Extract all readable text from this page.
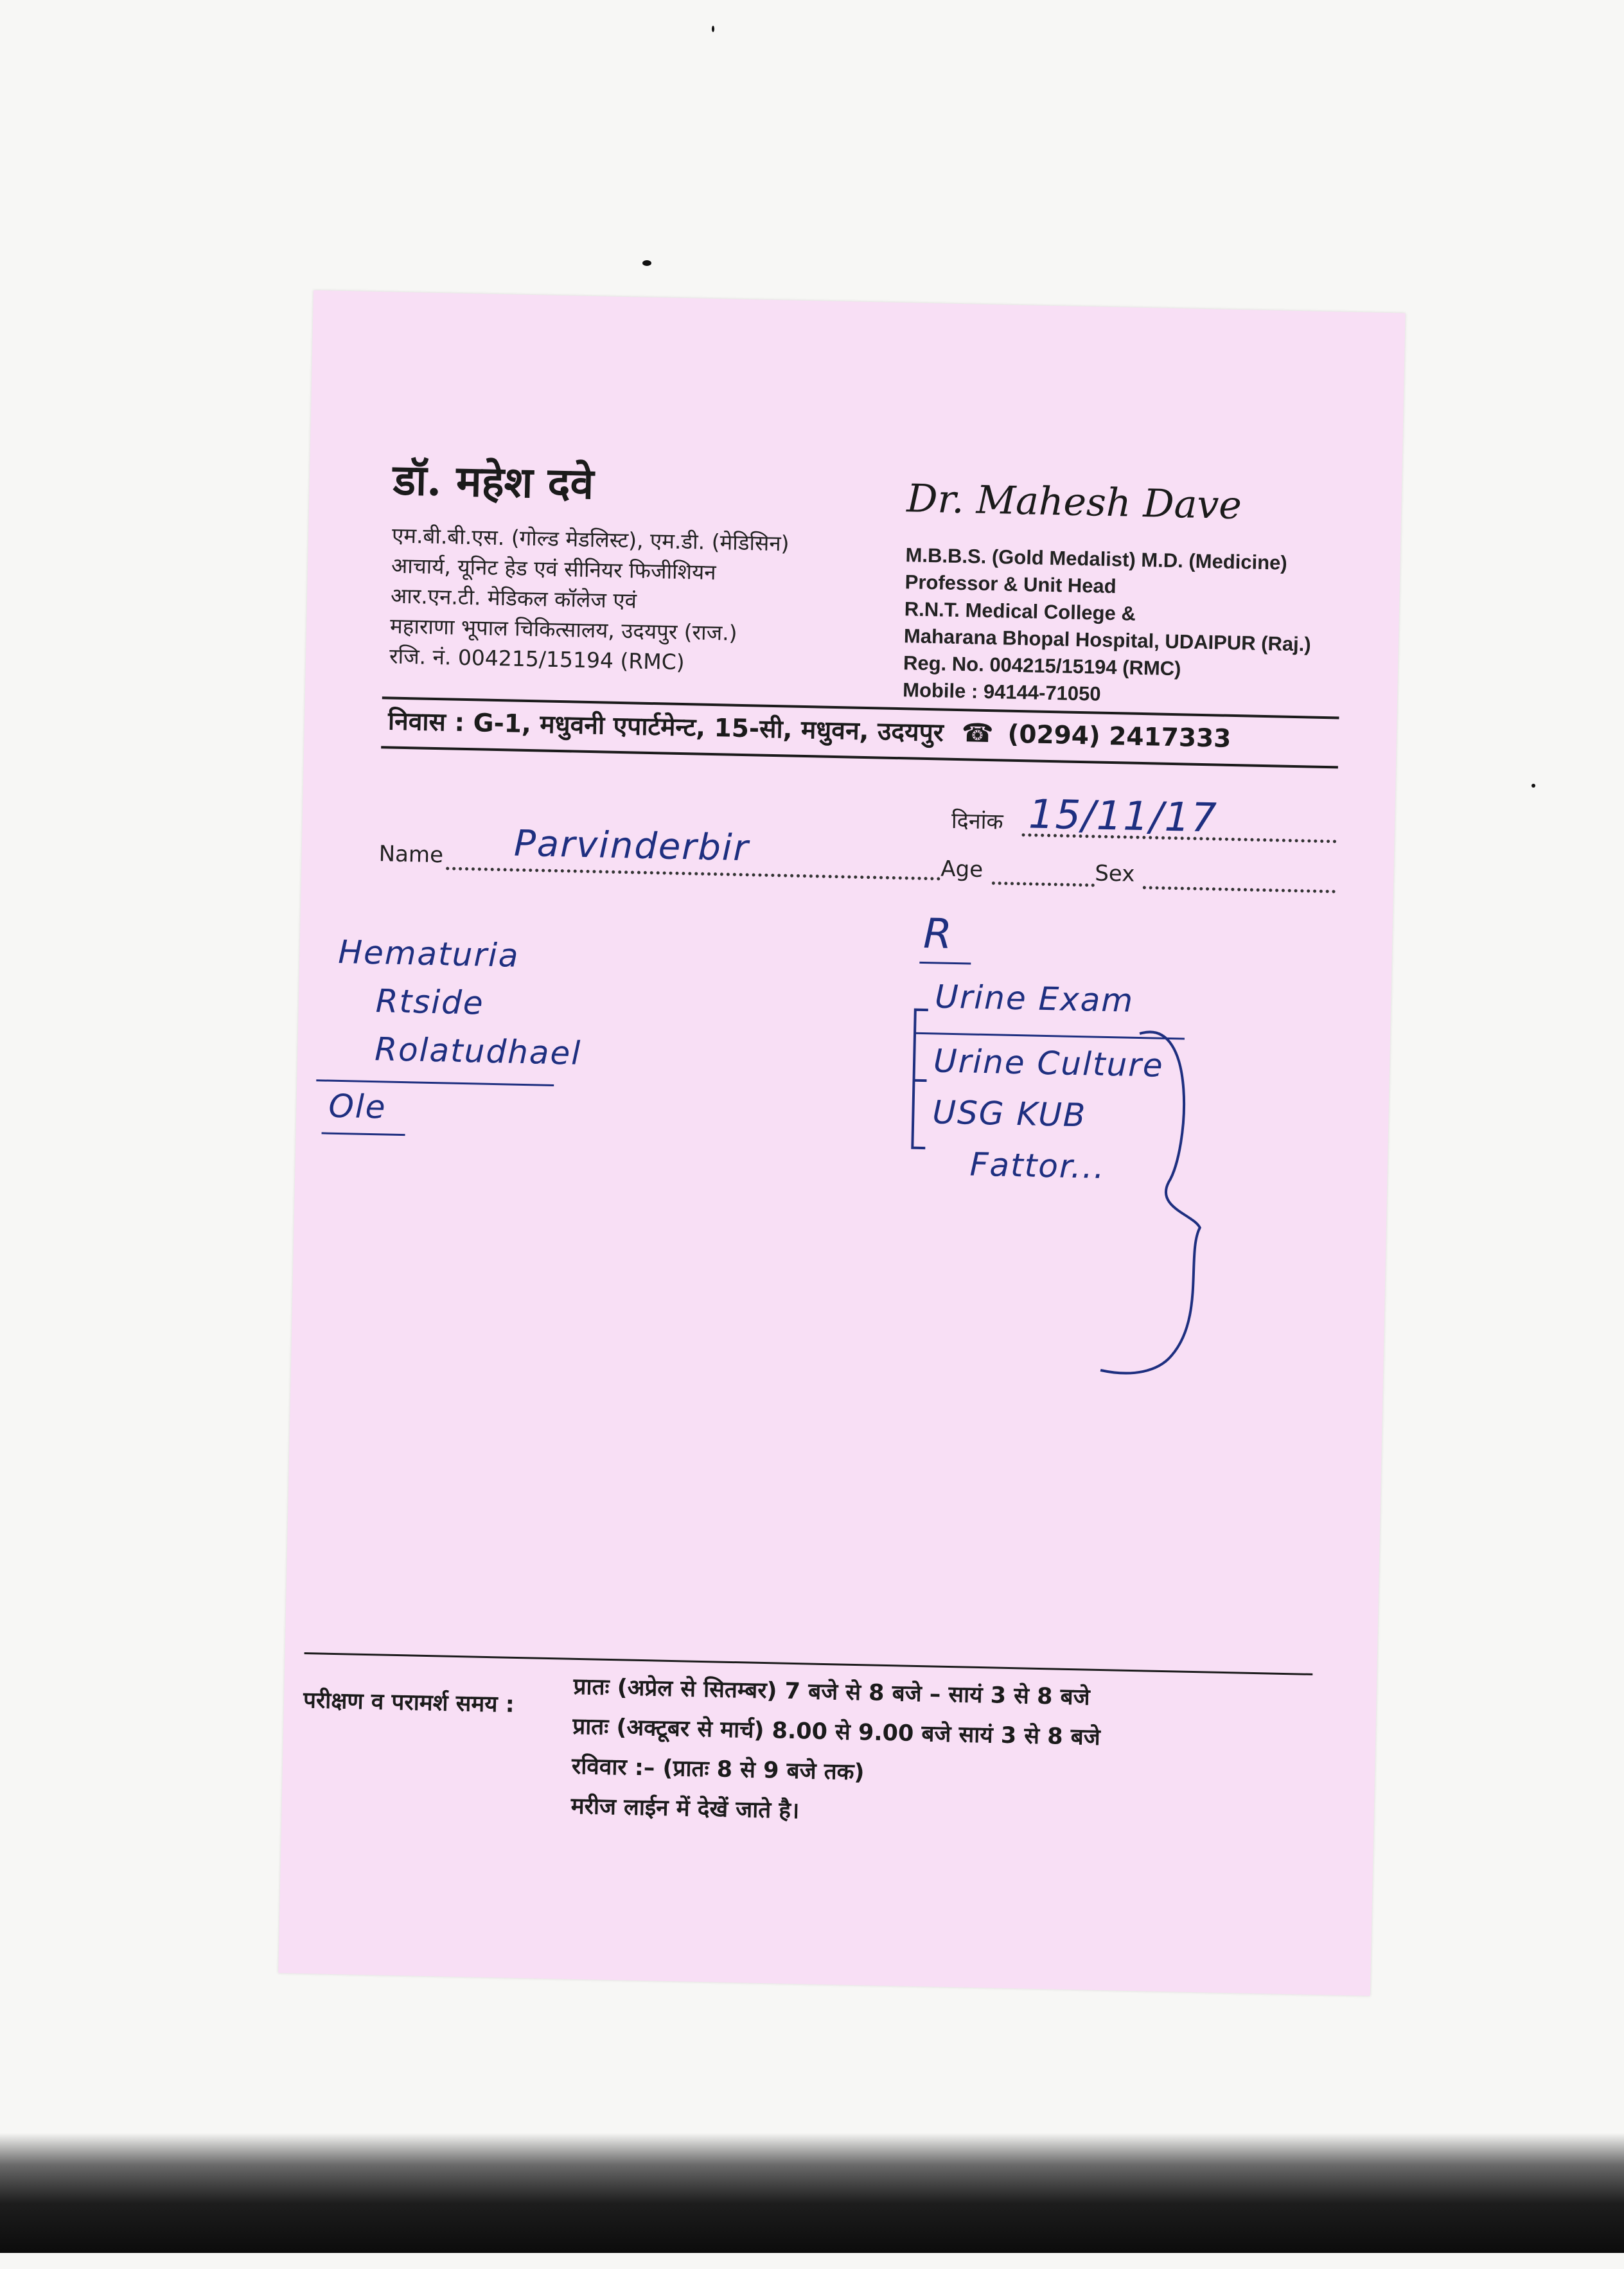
डॉ. महेश दवे
एम.बी.बी.एस. (गोल्ड मेडलिस्ट), एम.डी. (मेडिसिन)
आचार्य, यूनिट हेड एवं सीनियर फिजीशियन
आर.एन.टी. मेडिकल कॉलेज एवं
महाराणा भूपाल चिकित्सालय, उदयपुर (राज.)
रजि. नं. 004215/15194 (RMC)
Dr. Mahesh Dave
M.B.B.S. (Gold Medalist) M.D. (Medicine)
Professor & Unit Head
R.N.T. Medical College &
Maharana Bhopal Hospital, UDAIPUR (Raj.)
Reg. No. 004215/15194 (RMC)
Mobile : 94144-71050
निवास : G-1, मधुवनी एपार्टमेन्ट, 15-सी, मधुवन, उदयपुर ☎ (0294) 2417333
दिनांक 15/11/17
Name Parvinderbir	Age	Sex
Hematuria
Rtside
Rolatudhael
Ole
R
Urine Exam
Urine Culture
USG KUB
Fattor...
परीक्षण व परामर्श समय :	प्रातः (अप्रेल से सितम्बर) 7 बजे से 8 बजे – सायं 3 से 8 बजे
प्रातः (अक्टूबर से मार्च) 8.00 से 9.00 बजे सायं 3 से 8 बजे
रविवार :– (प्रातः 8 से 9 बजे तक)
मरीज लाईन में देखें जाते है।
